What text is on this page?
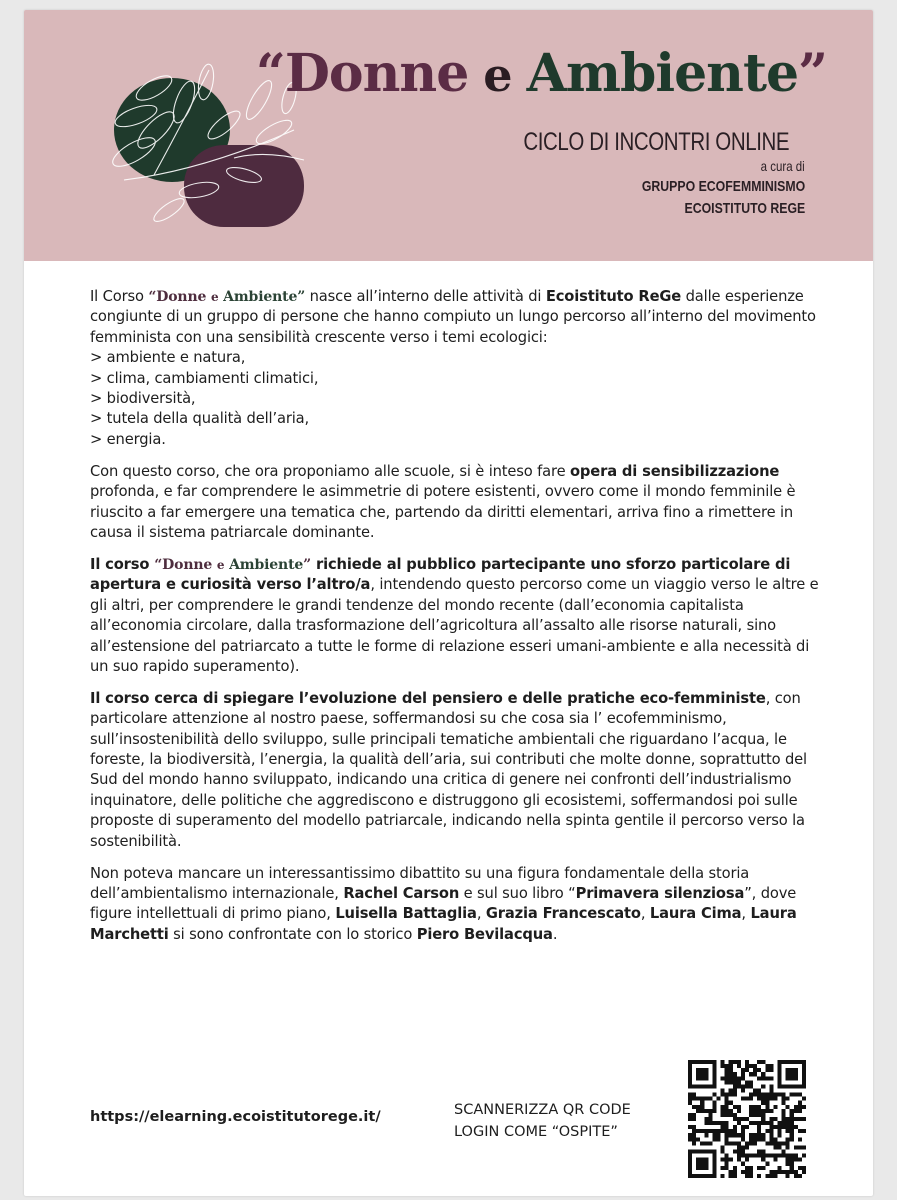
“Donne e Ambiente”
CICLO DI INCONTRI ONLINE
a cura di
GRUPPO ECOFEMMINISMO
ECOISTITUTO REGE

Il Corso “Donne e Ambiente” nasce all’interno delle attività di Ecoistituto ReGe dalle esperienze congiunte di un gruppo di persone che hanno compiuto un lungo percorso all’interno del movimento femminista con una sensibilità crescente verso i temi ecologici:
> ambiente e natura,
> clima, cambiamenti climatici,
> biodiversità,
> tutela della qualità dell’aria,
> energia.

Con questo corso, che ora proponiamo alle scuole, si è inteso fare opera di sensibilizzazione profonda, e far comprendere le asimmetrie di potere esistenti, ovvero come il mondo femminile è riuscito a far emergere una tematica che, partendo da diritti elementari, arriva fino a rimettere in causa il sistema patriarcale dominante.

Il corso “Donne e Ambiente” richiede al pubblico partecipante uno sforzo particolare di apertura e curiosità verso l’altro/a, intendendo questo percorso come un viaggio verso le altre e gli altri, per comprendere le grandi tendenze del mondo recente (dall’economia capitalista all’economia circolare, dalla trasformazione dell’agricoltura all’assalto alle risorse naturali, sino all’estensione del patriarcato a tutte le forme di relazione esseri umani-ambiente e alla necessità di un suo rapido superamento).

Il corso cerca di spiegare l’evoluzione del pensiero e delle pratiche eco-femministe, con particolare attenzione al nostro paese, soffermandosi su che cosa sia l’ ecofemminismo, sull’insostenibilità dello sviluppo, sulle principali tematiche ambientali che riguardano l’acqua, le foreste, la biodiversità, l’energia, la qualità dell’aria, sui contributi che molte donne, soprattutto del Sud del mondo hanno sviluppato, indicando una critica di genere nei confronti dell’industrialismo inquinatore, delle politiche che aggrediscono e distruggono gli ecosistemi, soffermandosi poi sulle proposte di superamento del modello patriarcale, indicando nella spinta gentile il percorso verso la sostenibilità.

Non poteva mancare un interessantissimo dibattito su una figura fondamentale della storia dell’ambientalismo internazionale, Rachel Carson e sul suo libro “Primavera silenziosa”, dove figure intellettuali di primo piano, Luisella Battaglia, Grazia Francescato, Laura Cima, Laura Marchetti si sono confrontate con lo storico Piero Bevilacqua.

https://elearning.ecoistitutorege.it/	SCANNERIZZA QR CODE
LOGIN COME “OSPITE”
